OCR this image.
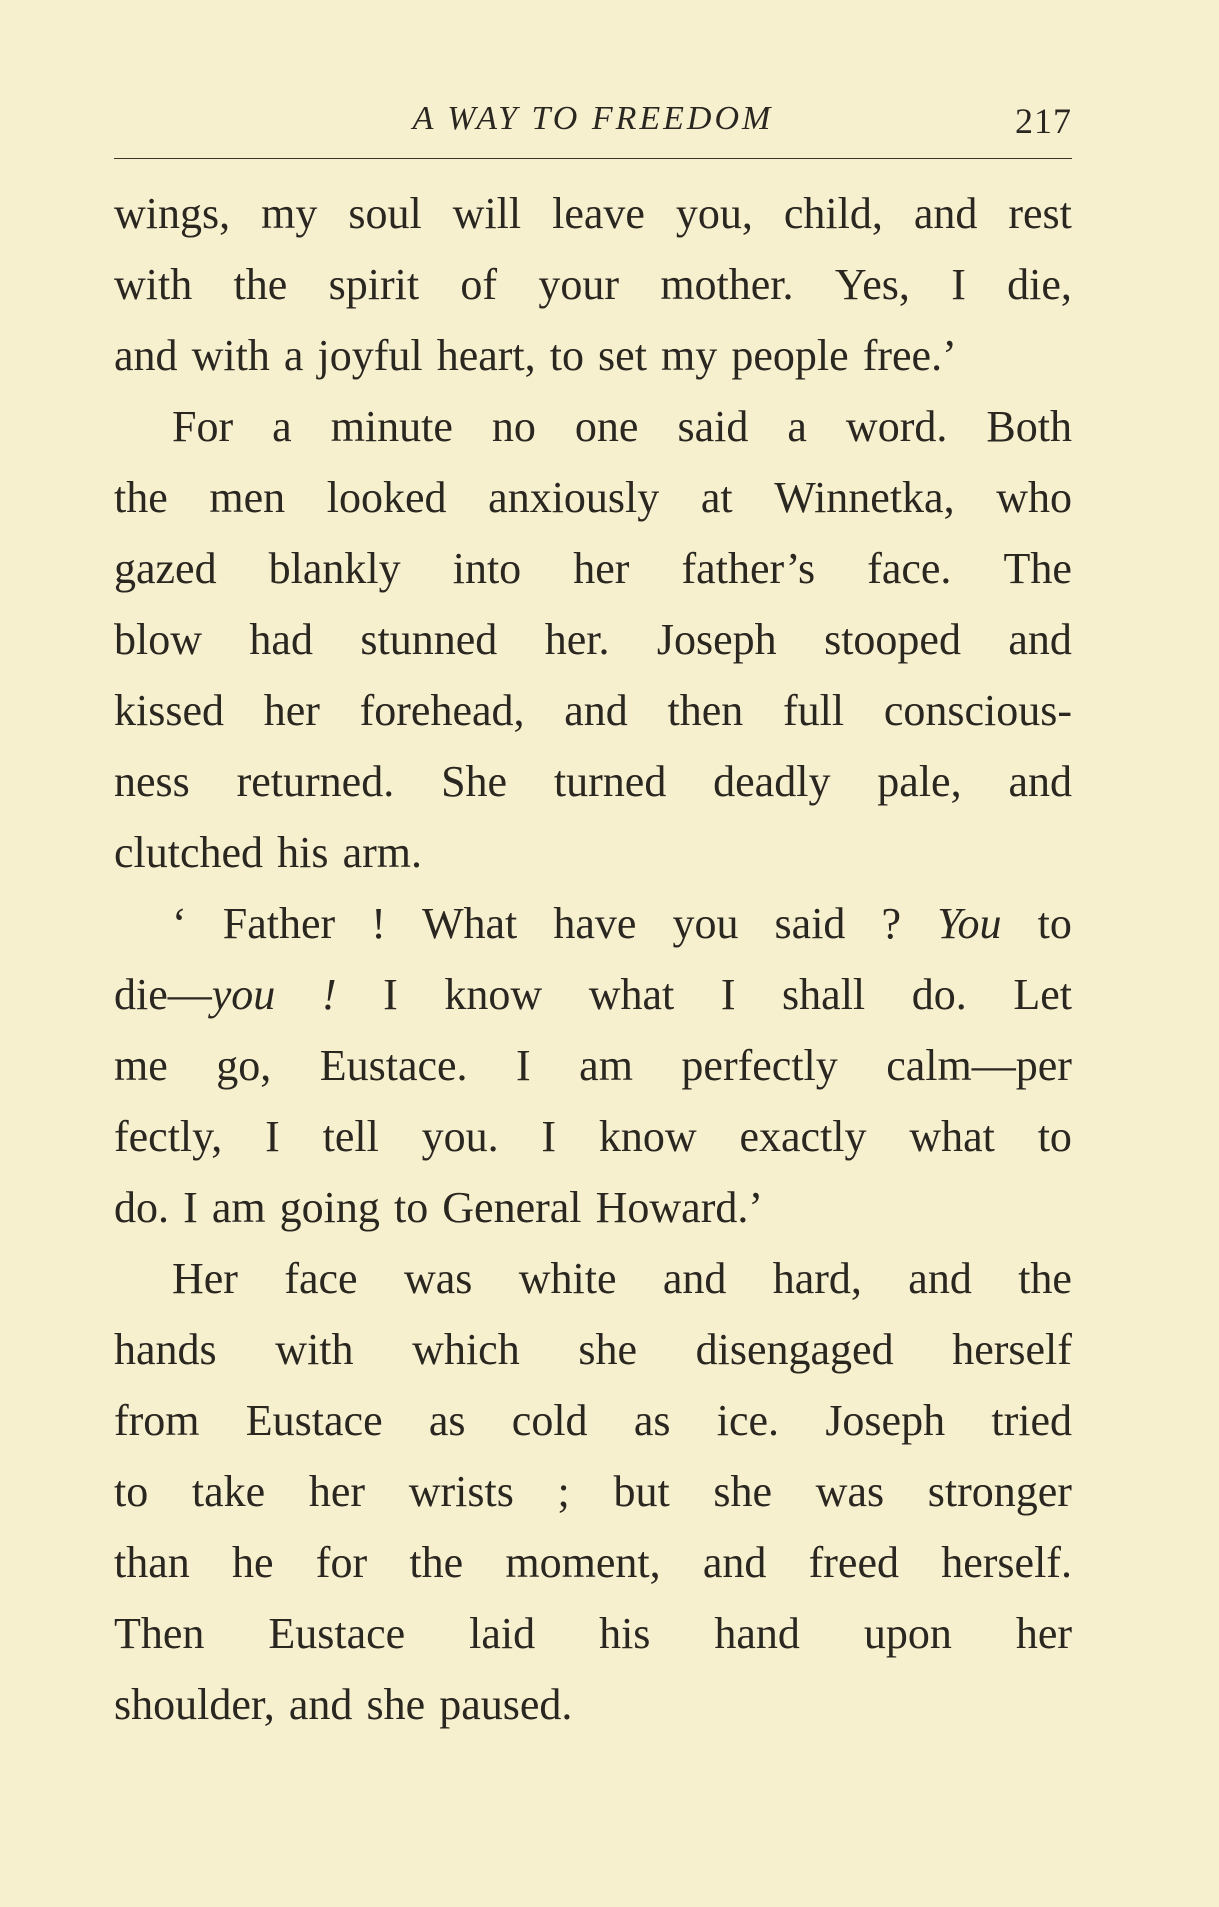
A WAY TO FREEDOM	217
wings, my soul will leave you, child, and rest
with the spirit of your mother. Yes, I die,
and with a joyful heart, to set my people free.’
For a minute no one said a word. Both
the men looked anxiously at Winnetka, who
gazed blankly into her father’s face. The
blow had stunned her. Joseph stooped and
kissed her forehead, and then full conscious-
ness returned. She turned deadly pale, and
clutched his arm.
‘ Father ! What have you said ? You to
die—you ! I know what I shall do. Let
me go, Eustace. I am perfectly calm—per
fectly, I tell you. I know exactly what to
do. I am going to General Howard.’
Her face was white and hard, and the
hands with which she disengaged herself
from Eustace as cold as ice. Joseph tried
to take her wrists ; but she was stronger
than he for the moment, and freed herself.
Then Eustace laid his hand upon her
shoulder, and she paused.
